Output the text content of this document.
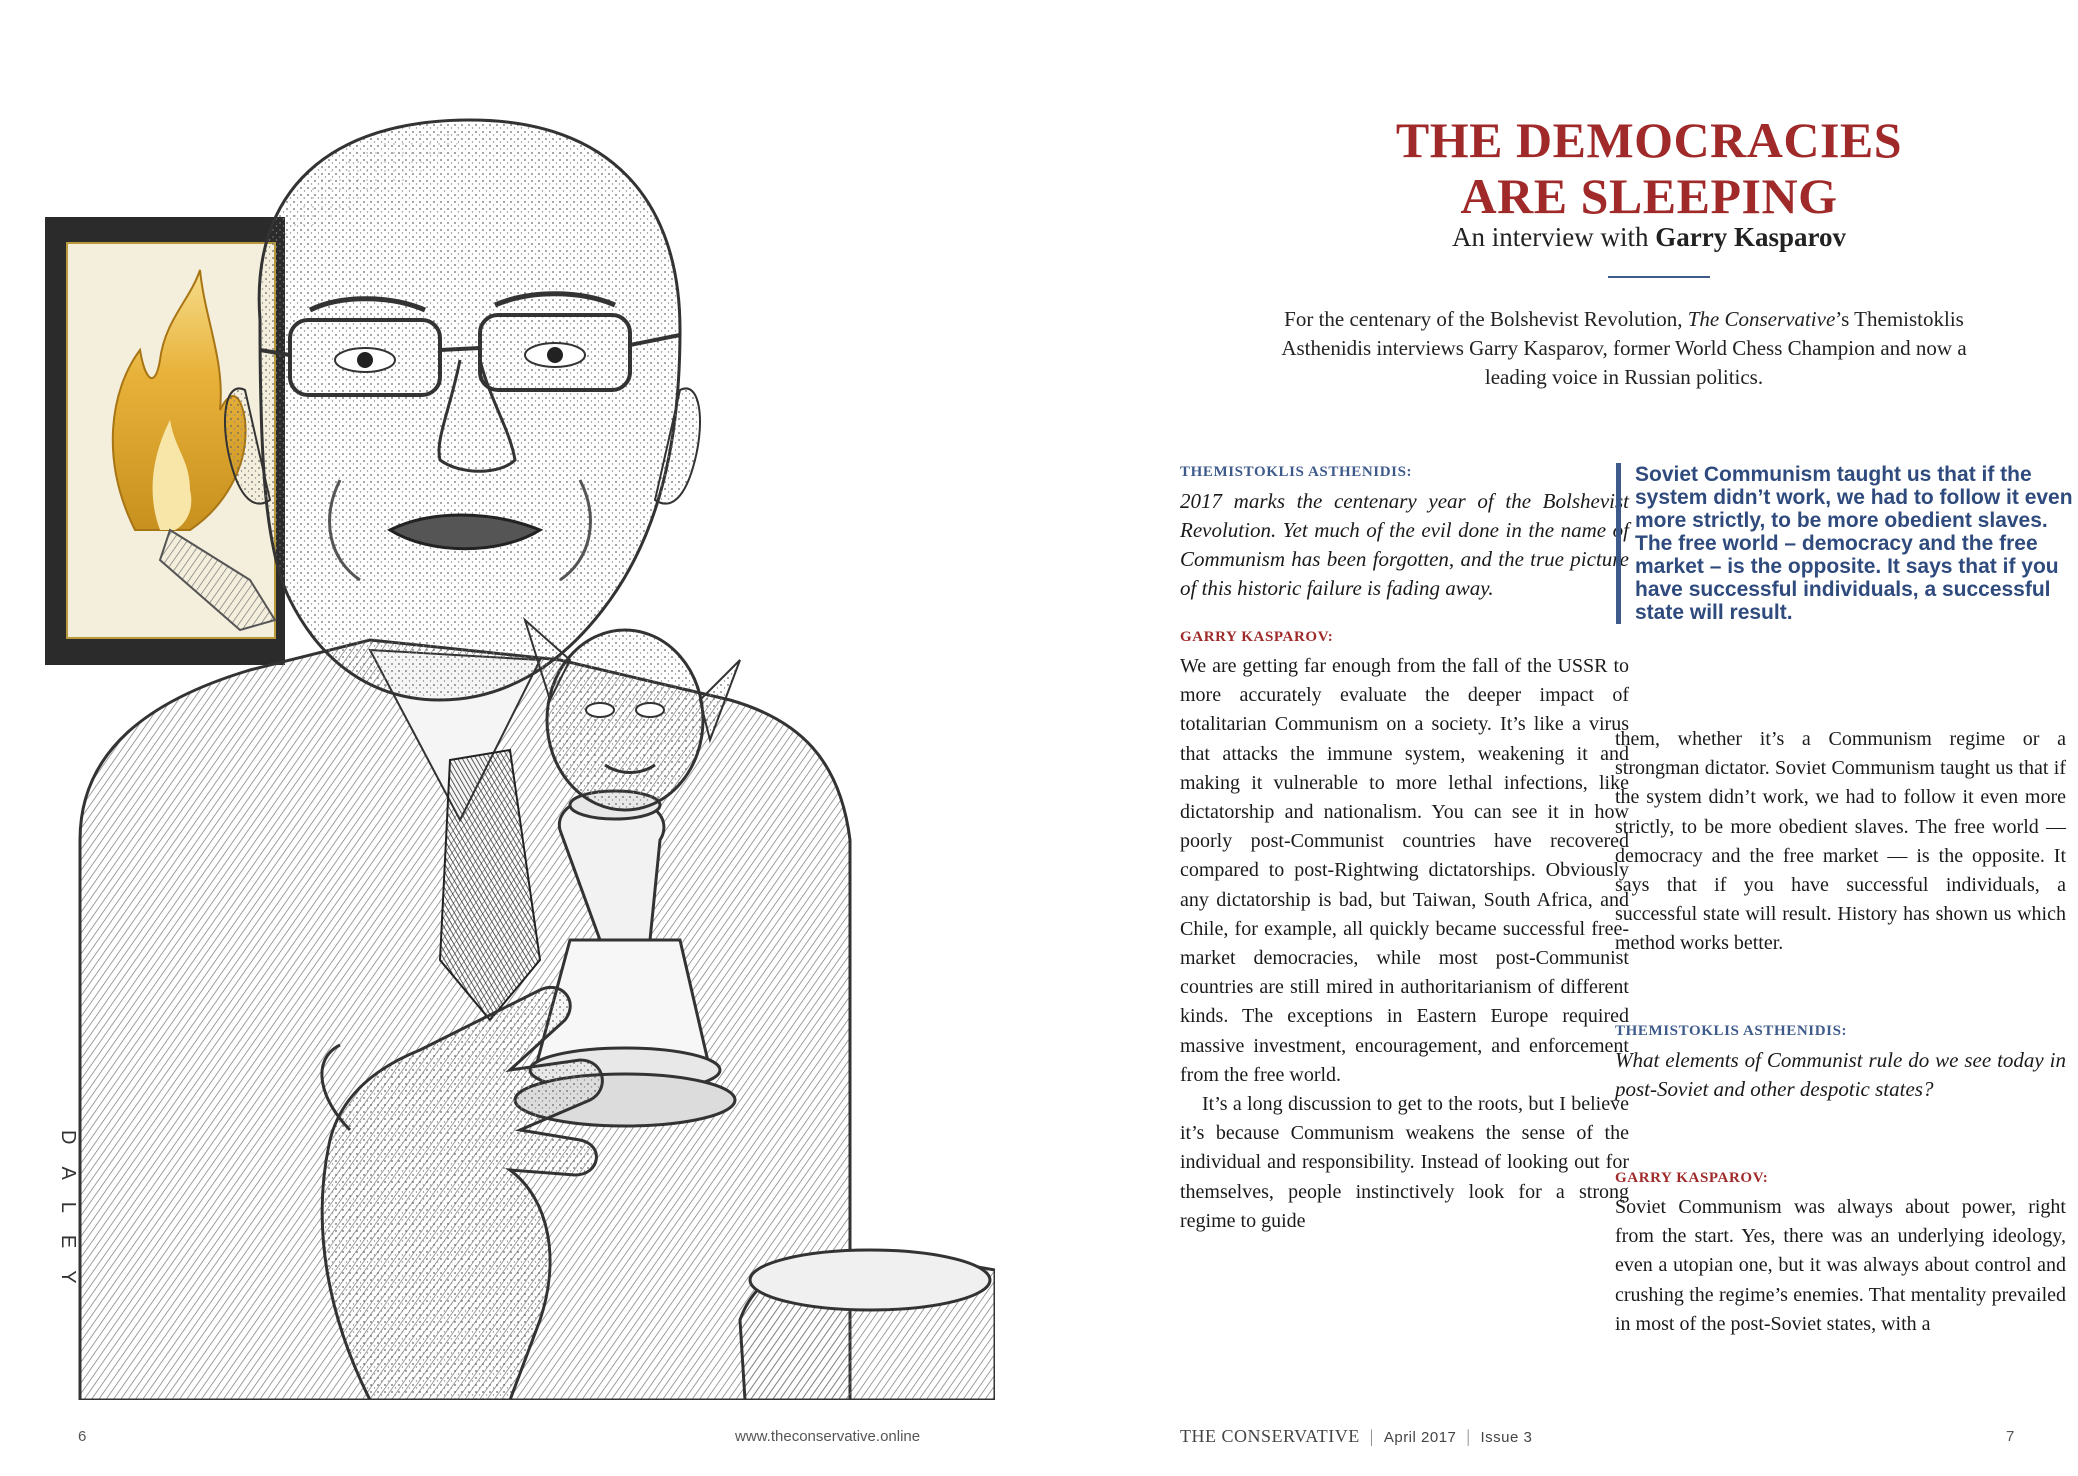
DALEY
6	www.theconservative.online
THE DEMOCRACIES
ARE SLEEPING
An interview with Garry Kasparov
For the centenary of the Bolshevist Revolution, The Conservative’s Themistoklis Asthenidis interviews Garry Kasparov, former World Chess Champion and now a leading voice in Russian politics.
THEMISTOKLIS ASTHENIDIS:

2017 marks the centenary year of the Bolshevist Revolution. Yet much of the evil done in the name of Communism has been forgotten, and the true picture of this historic failure is fading away.

GARRY KASPAROV:

We are getting far enough from the fall of the USSR to more accurately evaluate the deeper impact of totalitarian Communism on a society. It’s like a virus that attacks the immune system, weakening it and making it vulnerable to more lethal infections, like dictatorship and nationalism. You can see it in how poorly post-Communist countries have recovered compared to post-Rightwing dictatorships. Obviously any dictatorship is bad, but Taiwan, South Africa, and Chile, for example, all quickly became successful free-market democracies, while most post-Communist countries are still mired in authoritarianism of different kinds. The exceptions in Eastern Europe required massive investment, encouragement, and enforcement from the free world.

It’s a long discussion to get to the roots, but I believe it’s because Communism weakens the sense of the individual and responsibility. Instead of looking out for themselves, people instinctively look for a strong regime to guide

Soviet Communism taught us that if the system didn’t work, we had to follow it even more strictly, to be more obedient slaves. The free world – democracy and the free market – is the opposite. It says that if you have successful individuals, a successful state will result.
them, whether it’s a Communism regime or a strongman dictator. Soviet Communism taught us that if the system didn’t work, we had to follow it even more strictly, to be more obedient slaves. The free world — democracy and the free market — is the opposite. It says that if you have successful individuals, a successful state will result. History has shown us which method works better.
THEMISTOKLIS ASTHENIDIS:

What elements of Communist rule do we see today in post-Soviet and other despotic states?

GARRY KASPAROV:
Soviet Communism was always about power, right from the start. Yes, there was an underlying ideology, even a utopian one, but it was always about control and crushing the regime’s enemies. That mentality prevailed in most of the post-Soviet states, with a
THE CONSERVATIVE | April 2017 | Issue 3	7
